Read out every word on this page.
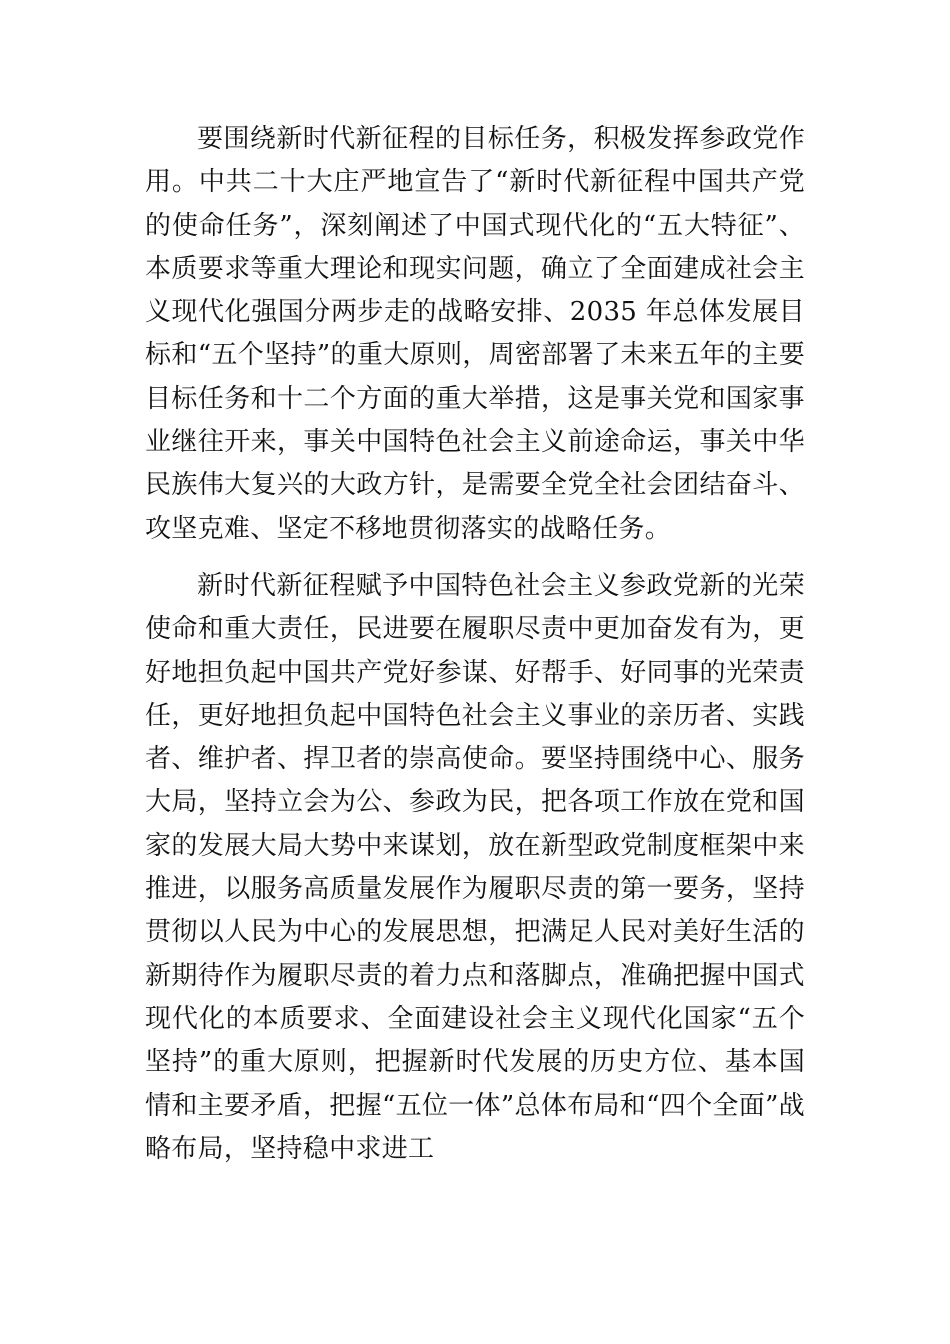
要围绕新时代新征程的目标任务，积极发挥参政党作用。中共二十大庄严地宣告了“新时代新征程中国共产党的使命任务”，深刻阐述了中国式现代化的“五大特征”、本质要求等重大理论和现实问题，确立了全面建成社会主义现代化强国分两步走的战略安排、2035 年总体发展目标和“五个坚持”的重大原则，周密部署了未来五年的主要目标任务和十二个方面的重大举措，这是事关党和国家事业继往开来，事关中国特色社会主义前途命运，事关中华民族伟大复兴的大政方针，是需要全党全社会团结奋斗、攻坚克难、坚定不移地贯彻落实的战略任务。

新时代新征程赋予中国特色社会主义参政党新的光荣使命和重大责任，民进要在履职尽责中更加奋发有为，更好地担负起中国共产党好参谋、好帮手、好同事的光荣责任，更好地担负起中国特色社会主义事业的亲历者、实践者、维护者、捍卫者的崇高使命。要坚持围绕中心、服务大局，坚持立会为公、参政为民，把各项工作放在党和国家的发展大局大势中来谋划，放在新型政党制度框架中来推进，以服务高质量发展作为履职尽责的第一要务，坚持贯彻以人民为中心的发展思想，把满足人民对美好生活的新期待作为履职尽责的着力点和落脚点，准确把握中国式现代化的本质要求、全面建设社会主义现代化国家“五个坚持”的重大原则，把握新时代发展的历史方位、基本国情和主要矛盾，把握“五位一体”总体布局和“四个全面”战略布局，坚持稳中求进工
